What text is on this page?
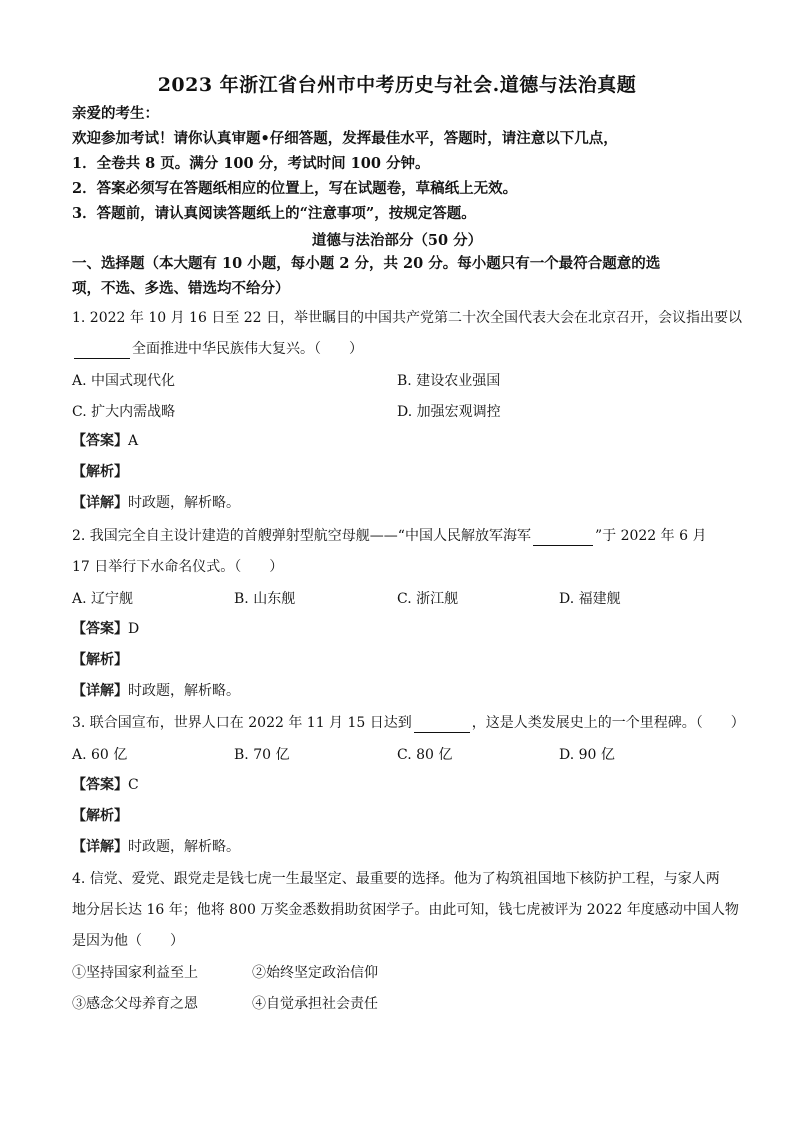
2023 年浙江省台州市中考历史与社会.道德与法治真题
亲爱的考生：
欢迎参加考试！请你认真审题•仔细答题，发挥最佳水平，答题时，请注意以下几点，
1．全卷共 8 页。满分 100 分，考试时间 100 分钟。
2．答案必须写在答题纸相应的位置上，写在试题卷，草稿纸上无效。
3．答题前，请认真阅读答题纸上的“注意事项”，按规定答题。
道德与法治部分（50 分）
一、选择题（本大题有 10 小题，每小题 2 分，共 20 分。每小题只有一个最符合题意的选
项，不选、多选、错选均不给分）
1. 2022 年 10 月 16 日至 22 日，举世瞩目的中国共产党第二十次全国代表大会在北京召开，会议指出要以
全面推进中华民族伟大复兴。（　　）
A. 中国式现代化	B. 建设农业强国
C. 扩大内需战略	D. 加强宏观调控
【答案】A
【解析】
【详解】时政题，解析略。
2. 我国完全自主设计建造的首艘弹射型航空母舰——“中国人民解放军海军	”于 2022 年 6 月
17 日举行下水命名仪式。（　　）
A. 辽宁舰	B. 山东舰	C. 浙江舰	D. 福建舰
【答案】D
【解析】
【详解】时政题，解析略。
3. 联合国宣布，世界人口在 2022 年 11 月 15 日达到	，这是人类发展史上的一个里程碑。（　　）
A. 60 亿	B. 70 亿	C. 80 亿	D. 90 亿
【答案】C
【解析】
【详解】时政题，解析略。
4. 信党、爱党、跟党走是钱七虎一生最坚定、最重要的选择。他为了构筑祖国地下核防护工程，与家人两
地分居长达 16 年；他将 800 万奖金悉数捐助贫困学子。由此可知，钱七虎被评为 2022 年度感动中国人物
是因为他（　　）
①坚持国家利益至上	②始终坚定政治信仰
③感念父母养育之恩	④自觉承担社会责任
